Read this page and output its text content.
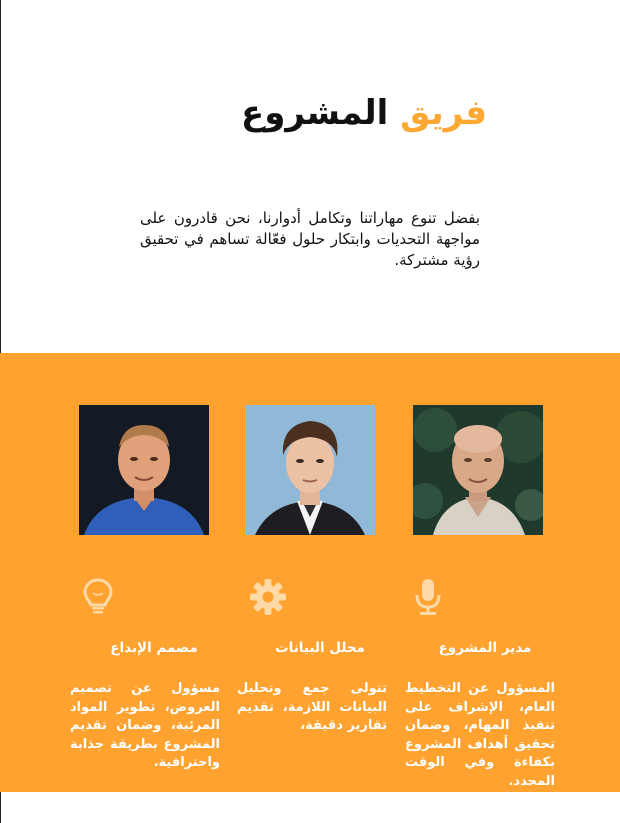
فريق المشروع

بفضل تنوع مهاراتنا وتكامل أدوارنا، نحن قادرون على مواجهة التحديات وابتكار حلول فعّالة تساهم في تحقيق رؤية مشتركة.

مدير المشروع
محلل البيانات
مصمم الإبداع

المسؤول عن التخطيط العام، الإشراف على تنفيذ المهام، وضمان تحقيق أهداف المشروع بكفاءة وفي الوقت المحدد.

تتولى جمع وتحليل البيانات اللازمة، تقديم تقارير دقيقة،

مسؤول عن تصميم العروض، تطوير المواد المرئية، وضمان تقديم المشروع بطريقة جذابة واحترافية.
